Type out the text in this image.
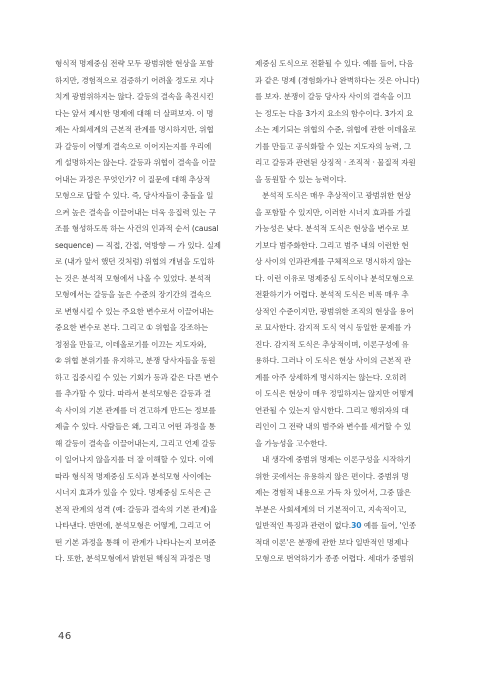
형식적 명제중심 전략 모두 광범위한 현상을 포함
하지만, 경험적으로 검증하기 어려울 정도로 지나
치게 광범위하지는 않다. 갈등의 결속을 촉진시킨
다는 앞서 제시한 명제에 대해 더 살펴보자. 이 명
제는 사회세계의 근본적 관계를 명시하지만, 위협
과 갈등이 어떻게 결속으로 이어지는지를 우리에
게 설명하지는 않는다. 갈등과 위협이 결속을 이끌
어내는 과정은 무엇인가? 이 질문에 대해 추상적
모형으로 답할 수 있다. 즉, 당사자들이 충돌을 일
으켜 높은 결속을 이끌어내는 더욱 응집력 있는 구
조를 형성하도록 하는 사건의 인과적 순서 (causal
sequence) — 직접, 간접, 역방향 — 가 있다. 실제
로 (내가 앞서 했던 것처럼) 위협의 개념을 도입하
는 것은 분석적 모형에서 나올 수 있었다. 분석적
모형에서는 갈등을 높은 수준의 장기간의 결속으
로 변형시킬 수 있는 주요한 변수로서 이끌어내는
중요한 변수로 본다. 그리고 ① 위협을 강조하는
정점을 만들고, 이데올로기를 이끄는 지도자와,
② 위협 분위기를 유지하고, 분쟁 당사자들을 동원
하고 집중시킬 수 있는 기회가 등과 같은 다른 변수
를 추가할 수 있다. 따라서 분석모형은 갈등과 결
속 사이의 기본 관계를 더 견고하게 만드는 정보를
제출 수 있다. 사람들은 왜, 그리고 어떤 과정을 통
해 갈등이 결속을 이끌어내는지, 그리고 언제 갈등
이 일어나지 않을지를 더 잘 이해할 수 있다. 이에
따라 형식적 명제중심 도식과 분석모형 사이에는
시너지 효과가 있을 수 있다. 명제중심 도식은 근
본적 관계의 성격 (예: 갈등과 결속의 기본 관계)을
나타낸다. 반면에, 분석모형은 어떻게, 그리고 어
떤 기본 과정을 통해 이 관계가 나타나는지 보여준
다. 또한, 분석모형에서 밝힌된 핵심적 과정은 명
제중심 도식으로 전환될 수 있다. 예를 들어, 다음
과 같은 명제 (경험화가나 완벽하다는 것은 아니다)
를 보자. 분쟁이 갈등 당사자 사이의 결속을 이끄
는 정도는 다음 3가지 요소의 함수이다. 3가지 요
소는 제기되는 위협의 수준, 위협에 관한 이데올로
기를 만들고 공식화할 수 있는 지도자의 능력, 그
리고 갈등과 관련된 상징적 · 조직적 · 물질적 자원
을 동원할 수 있는 능력이다.
분석적 도식은 매우 추상적이고 광범위한 현상
을 포함할 수 있지만, 이러한 시너지 효과를 가질
가능성은 낮다. 분석적 도식은 현상을 변수로 보
기보다 범주화한다. 그리고 범주 내의 이런한 현
상 사이의 인과관계를 구체적으로 명시하지 않는
다. 이런 이유로 명제중심 도식이나 분석모형으로
전환하기가 어렵다. 분석적 도식은 비록 매우 추
상적인 수준이지만, 광범위한 조직의 현상을 용어
로 묘사한다. 감지적 도식 역시 동일한 문제를 가
진다. 감지적 도식은 추상적이며, 이론구성에 유
용하다. 그러나 이 도식은 현상 사이의 근본적 관
계를 아주 상세하게 명시하지는 않는다. 오히려
이 도식은 현상이 매우 정밀하지는 않지만 어떻게
연관될 수 있는지 암시한다. 그리고 행위자의 대
리인이 그 전략 내의 범주와 변수를 세거할 수 있
을 가능성을 고수한다.
내 생각에 중범위 명제는 이론구성을 시작하기
위한 곳에서는 유용하지 않은 편이다. 중범위 명
제는 경험적 내용으로 가득 차 있어서, 그중 많은
부분은 사회세계의 더 기본적이고, 지속적이고,
일반적인 특징과 관련이 없다.30 예를 들어, '인종
적대 이론'은 분쟁에 관한 보다 일반적인 명제나
모형으로 번역하기가 종종 어렵다. 세대가 중범위
46
